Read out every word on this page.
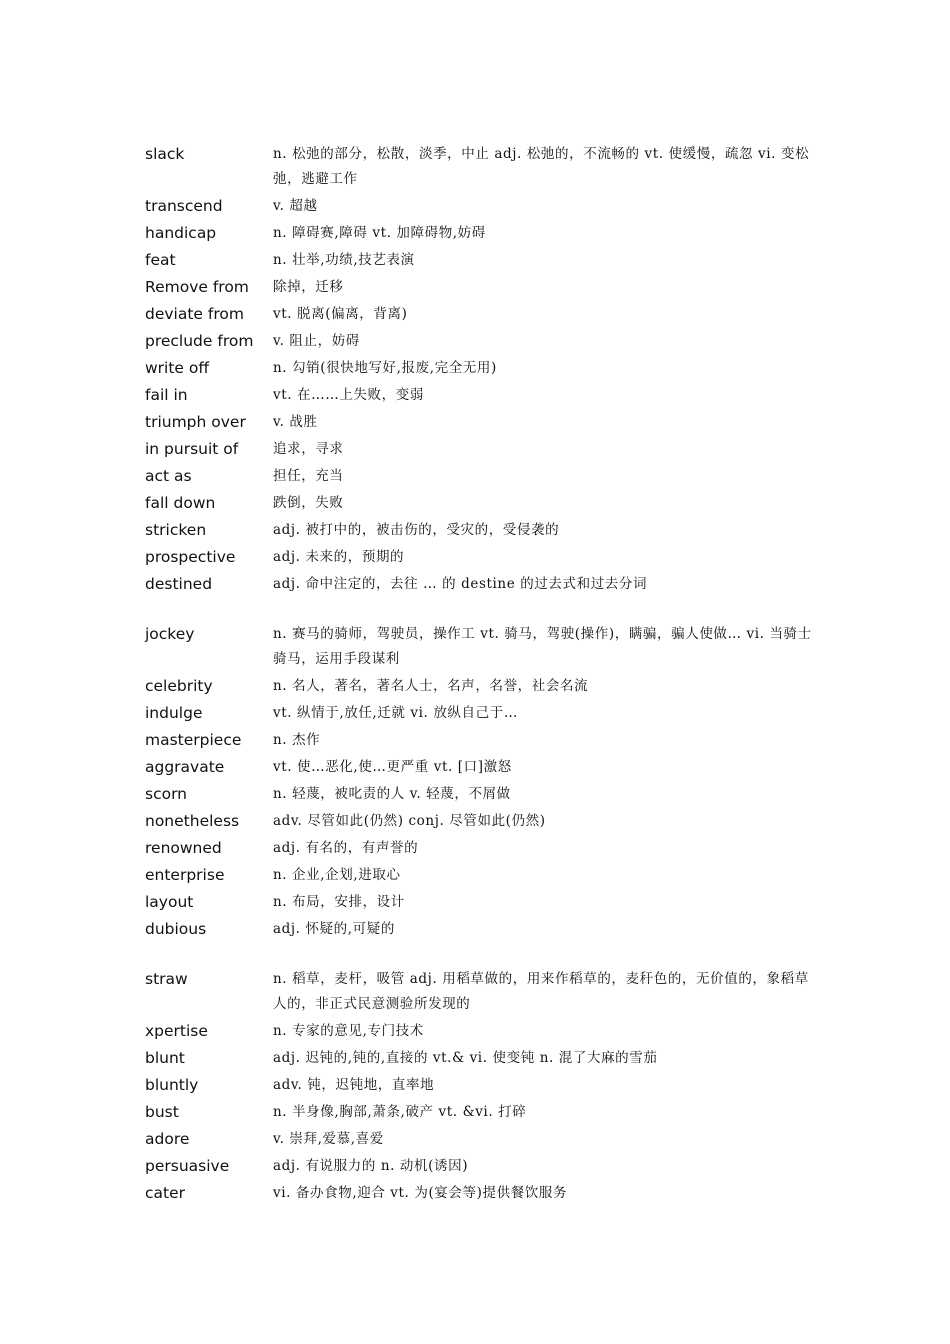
slack	n. 松弛的部分，松散，淡季，中止 adj. 松弛的，不流畅的 vt. 使缓慢，疏忽 vi. 变松弛，逃避工作
transcend	v. 超越
handicap	n. 障碍赛,障碍 vt. 加障碍物,妨碍
feat	n. 壮举,功绩,技艺表演
Remove from	除掉，迁移
deviate from	vt. 脱离(偏离，背离)
preclude from	v. 阻止，妨碍
write off	n. 勾销(很快地写好,报废,完全无用)
fail in	vt. 在……上失败，变弱
triumph over	v. 战胜
in pursuit of	追求，寻求
act as	担任，充当
fall down	跌倒，失败
stricken	adj. 被打中的，被击伤的，受灾的，受侵袭的
prospective	adj. 未来的，预期的
destined	adj. 命中注定的，去往 … 的 destine 的过去式和过去分词
jockey	n. 赛马的骑师，驾驶员，操作工 vt. 骑马，驾驶(操作)，瞒骗，骗人使做… vi. 当骑士骑马，运用手段谋利
celebrity	n. 名人，著名，著名人士，名声，名誉，社会名流
indulge	vt. 纵情于,放任,迁就 vi. 放纵自己于…
masterpiece	n. 杰作
aggravate	vt. 使…恶化,使…更严重 vt. [口]激怒
scorn	n. 轻蔑，被叱责的人 v. 轻蔑，不屑做
nonetheless	adv. 尽管如此(仍然) conj. 尽管如此(仍然)
renowned	adj. 有名的，有声誉的
enterprise	n. 企业,企划,进取心
layout	n. 布局，安排，设计
dubious	adj. 怀疑的,可疑的
straw	n. 稻草，麦杆，吸管 adj. 用稻草做的，用来作稻草的，麦秆色的，无价值的，象稻草人的，非正式民意测验所发现的
xpertise	n. 专家的意见,专门技术
blunt	adj. 迟钝的,钝的,直接的 vt.& vi. 使变钝 n. 混了大麻的雪茄
bluntly	adv. 钝，迟钝地，直率地
bust	n. 半身像,胸部,萧条,破产 vt. &vi. 打碎
adore	v. 崇拜,爱慕,喜爱
persuasive	adj. 有说服力的 n. 动机(诱因)
cater	vi. 备办食物,迎合 vt. 为(宴会等)提供餐饮服务
